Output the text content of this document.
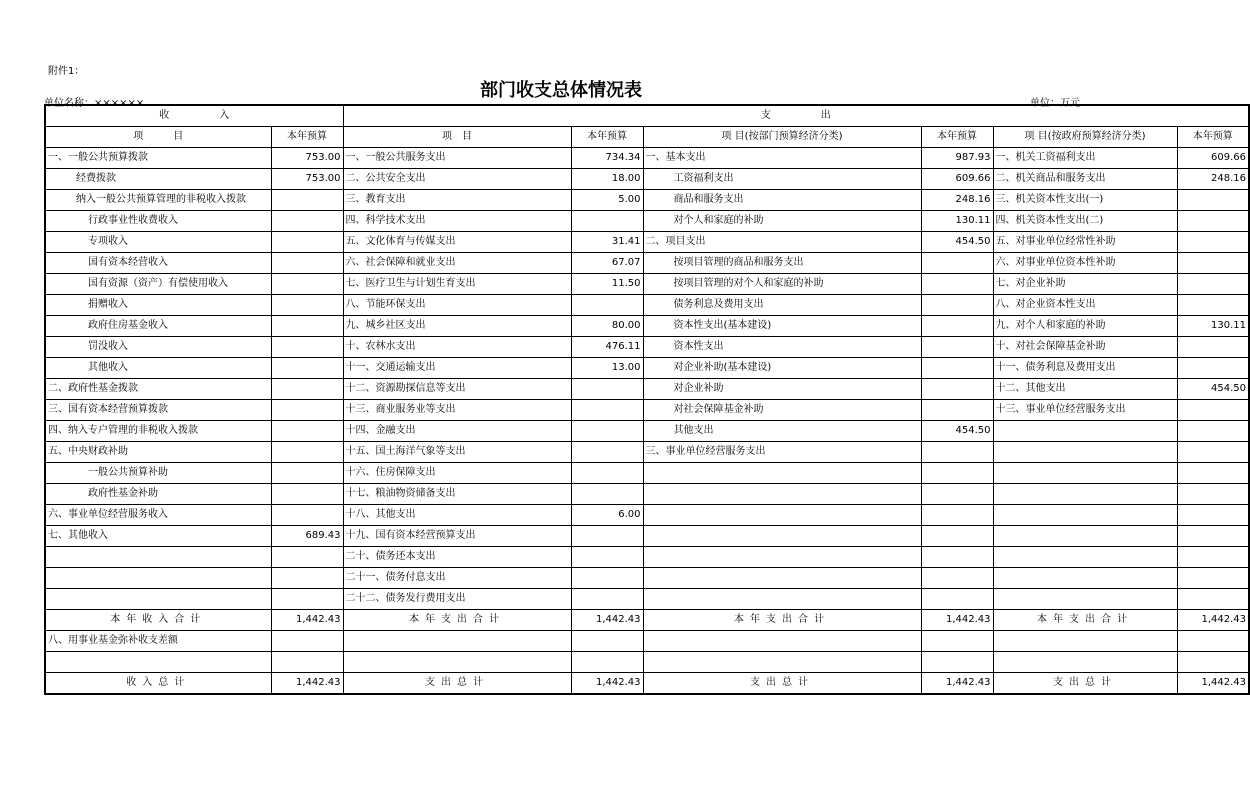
附件1：
部门收支总体情况表
单位名称：××××××	单位：万元
收　　　　　入		支　　　　　出					
项　　　目	本年预算	项　目	本年预算	项 目(按部门预算经济分类)	本年预算	项 目(按政府预算经济分类)	本年预算
一、一般公共预算拨款	753.00	一、一般公共服务支出	734.34	一、基本支出	987.93	一、机关工资福利支出	609.66
经费拨款	753.00	二、公共安全支出	18.00	工资福利支出	609.66	二、机关商品和服务支出	248.16
纳入一般公共预算管理的非税收入拨款		三、教育支出	5.00	商品和服务支出	248.16	三、机关资本性支出(一)	
行政事业性收费收入		四、科学技术支出		对个人和家庭的补助	130.11	四、机关资本性支出(二)	
专项收入		五、文化体育与传媒支出	31.41	二、项目支出	454.50	五、对事业单位经常性补助	
国有资本经营收入		六、社会保障和就业支出	67.07	按项目管理的商品和服务支出		六、对事业单位资本性补助	
国有资源（资产）有偿使用收入		七、医疗卫生与计划生育支出	11.50	按项目管理的对个人和家庭的补助		七、对企业补助	
捐赠收入		八、节能环保支出		债务利息及费用支出		八、对企业资本性支出	
政府住房基金收入		九、城乡社区支出	80.00	资本性支出(基本建设)		九、对个人和家庭的补助	130.11
罚没收入		十、农林水支出	476.11	资本性支出		十、对社会保障基金补助	
其他收入		十一、交通运输支出	13.00	对企业补助(基本建设)		十一、债务利息及费用支出	
二、政府性基金拨款		十二、资源勘探信息等支出		对企业补助		十二、其他支出	454.50
三、国有资本经营预算拨款		十三、商业服务业等支出		对社会保障基金补助		十三、事业单位经营服务支出	
四、纳入专户管理的非税收入拨款		十四、金融支出		其他支出	454.50		
五、中央财政补助		十五、国土海洋气象等支出		三、事业单位经营服务支出			
一般公共预算补助		十六、住房保障支出					
政府性基金补助		十七、粮油物资储备支出					
六、事业单位经营服务收入		十八、其他支出	6.00				
七、其他收入	689.43	十九、国有资本经营预算支出					
		二十、债务还本支出					
		二十一、债务付息支出					
		二十二、债务发行费用支出					
本年收入合计	1,442.43	本年支出合计	1,442.43	本年支出合计	1,442.43	本年支出合计	1,442.43
八、用事业基金弥补收支差额							

收入总计	1,442.43	支出总计	1,442.43	支出总计	1,442.43	支出总计	1,442.43
